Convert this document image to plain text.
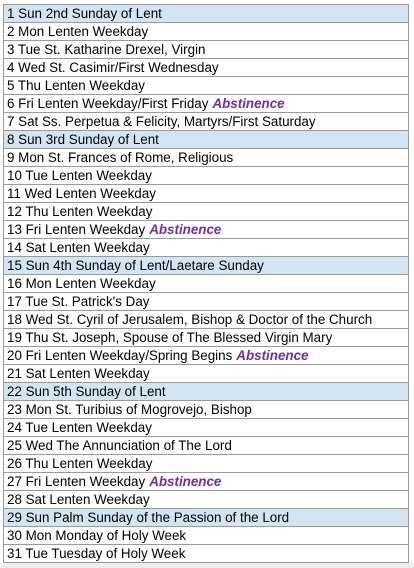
1 Sun 2nd Sunday of Lent
2 Mon Lenten Weekday
3 Tue St. Katharine Drexel, Virgin
4 Wed St. Casimir/First Wednesday
5 Thu Lenten Weekday
6 Fri Lenten Weekday/First Friday Abstinence
7 Sat Ss. Perpetua & Felicity, Martyrs/First Saturday
8 Sun 3rd Sunday of Lent
9 Mon St. Frances of Rome, Religious
10 Tue Lenten Weekday
11 Wed Lenten Weekday
12 Thu Lenten Weekday
13 Fri Lenten Weekday Abstinence
14 Sat Lenten Weekday
15 Sun 4th Sunday of Lent/Laetare Sunday
16 Mon Lenten Weekday
17 Tue St. Patrick's Day
18 Wed St. Cyril of Jerusalem, Bishop & Doctor of the Church
19 Thu St. Joseph, Spouse of The Blessed Virgin Mary
20 Fri Lenten Weekday/Spring Begins Abstinence
21 Sat Lenten Weekday
22 Sun 5th Sunday of Lent
23 Mon St. Turibius of Mogrovejo, Bishop
24 Tue Lenten Weekday
25 Wed The Annunciation of The Lord
26 Thu Lenten Weekday
27 Fri Lenten Weekday Abstinence
28 Sat Lenten Weekday
29 Sun Palm Sunday of the Passion of the Lord
30 Mon Monday of Holy Week
31 Tue Tuesday of Holy Week
